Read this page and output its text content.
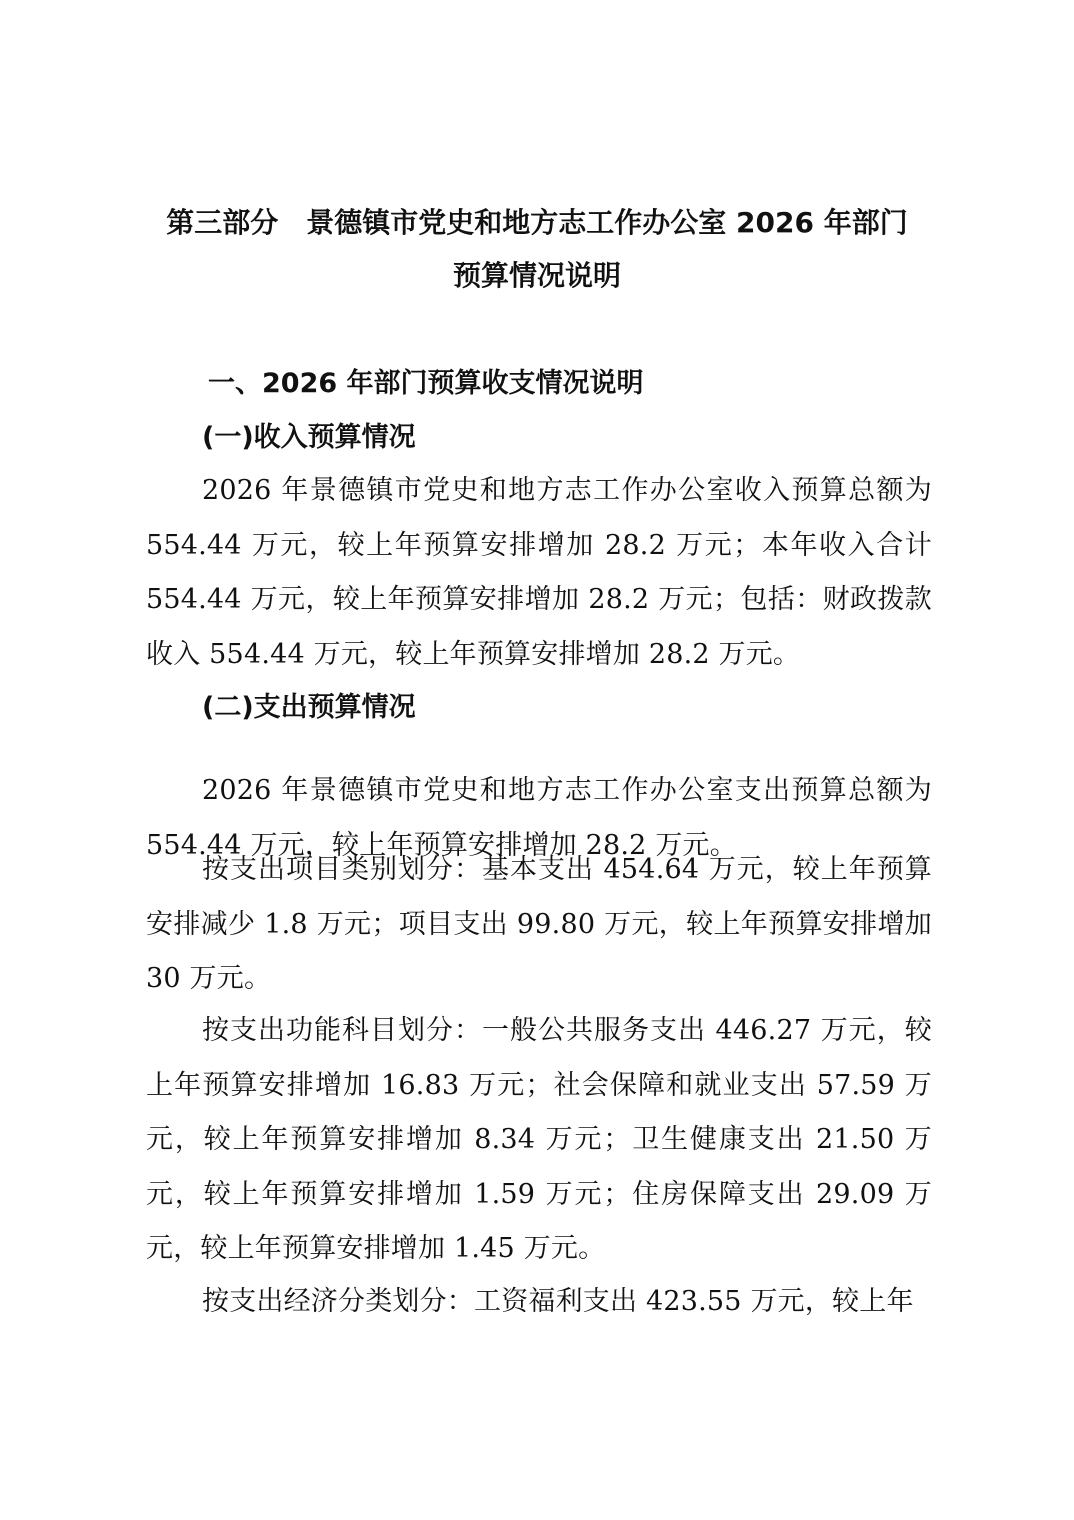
第三部分　景德镇市党史和地方志工作办公室 2026 年部门
预算情况说明
一、2026 年部门预算收支情况说明
(一)收入预算情况
2026 年景德镇市党史和地方志工作办公室收入预算总额为 554.44 万元，较上年预算安排增加 28.2 万元；本年收入合计 554.44 万元，较上年预算安排增加 28.2 万元；包括：财政拨款收入 554.44 万元，较上年预算安排增加 28.2 万元。
(二)支出预算情况
2026 年景德镇市党史和地方志工作办公室支出预算总额为 554.44 万元，较上年预算安排增加 28.2 万元。
按支出项目类别划分：基本支出 454.64 万元，较上年预算安排减少 1.8 万元；项目支出 99.80 万元，较上年预算安排增加 30 万元。
按支出功能科目划分：一般公共服务支出 446.27 万元，较上年预算安排增加 16.83 万元；社会保障和就业支出 57.59 万元，较上年预算安排增加 8.34 万元；卫生健康支出 21.50 万元，较上年预算安排增加 1.59 万元；住房保障支出 29.09 万元，较上年预算安排增加 1.45 万元。
按支出经济分类划分：工资福利支出 423.55 万元，较上年
